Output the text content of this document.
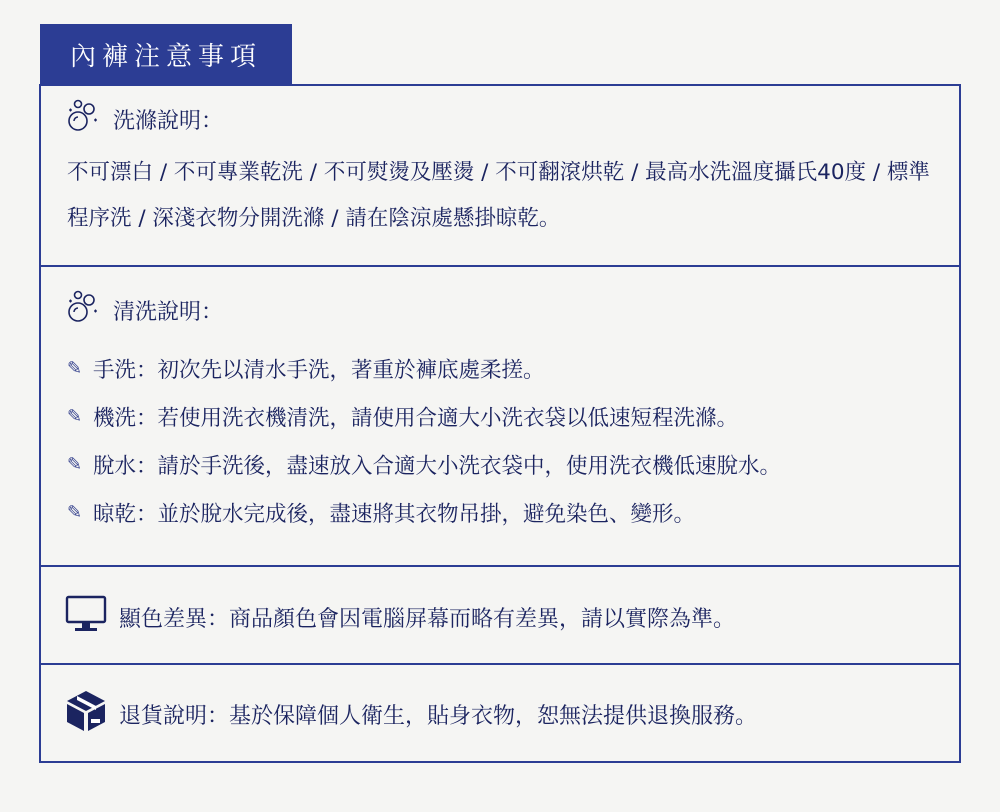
內褲注意事項
洗滌說明：
不可漂白 / 不可專業乾洗 / 不可熨燙及壓燙 / 不可翻滾烘乾 / 最高水洗溫度攝氏40度 / 標準程序洗 / 深淺衣物分開洗滌 / 請在陰涼處懸掛晾乾。
清洗說明：
✎ 手洗：初次先以清水手洗，著重於褲底處柔搓。
✎ 機洗：若使用洗衣機清洗，請使用合適大小洗衣袋以低速短程洗滌。
✎ 脫水：請於手洗後，盡速放入合適大小洗衣袋中，使用洗衣機低速脫水。
✎ 晾乾：並於脫水完成後，盡速將其衣物吊掛，避免染色、變形。
顯色差異：商品顏色會因電腦屏幕而略有差異，請以實際為準。
退貨說明：基於保障個人衛生，貼身衣物，恕無法提供退換服務。
